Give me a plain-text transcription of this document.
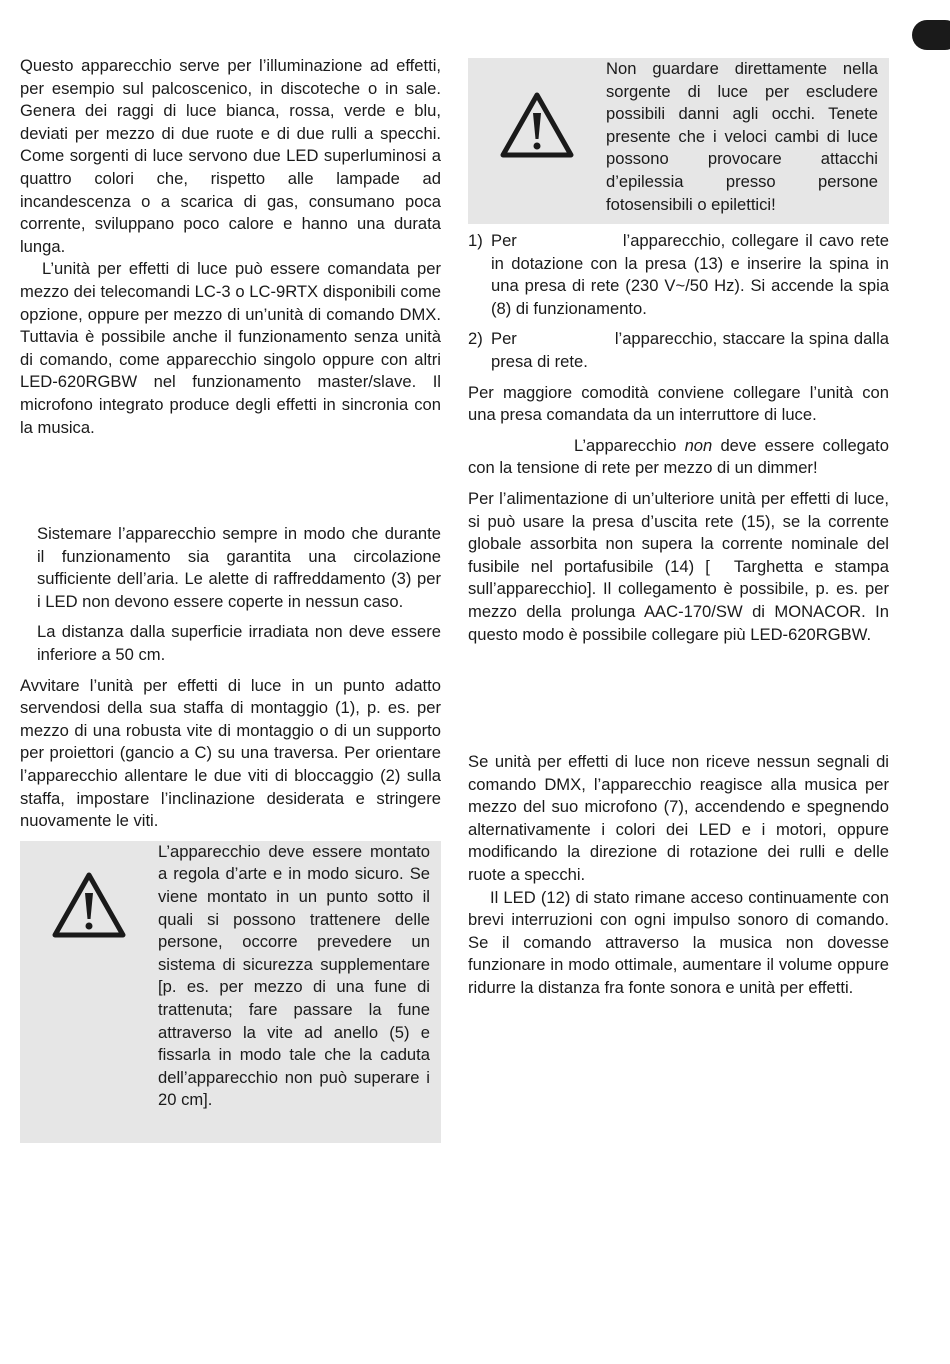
Questo apparecchio serve per l’illuminazione ad effetti, per esempio sul palcoscenico, in discoteche o in sale. Genera dei raggi di luce bianca, rossa, verde e blu, deviati per mezzo di due ruote e di due rulli a specchi. Come sorgenti di luce servono due LED superluminosi a quattro colori che, rispetto alle lampade ad incandescenza o a scarica di gas, consumano poca corrente, sviluppano poco calore e hanno una durata lunga.

L’unità per effetti di luce può essere comandata per mezzo dei telecomandi LC-3 o LC-9RTX disponibili come opzione, oppure per mezzo di un’unità di comando DMX. Tuttavia è possibile anche il funzionamento senza unità di comando, come apparecchio singolo oppure con altri LED-620RGBW nel funzionamento master/slave. Il microfono integrato produce degli effetti in sincronia con la musica.

Sistemare l’apparecchio sempre in modo che durante il funzionamento sia garantita una circolazione sufficiente dell’aria. Le alette di raffreddamento (3) per i LED non devono essere coperte in nessun caso.

La distanza dalla superficie irradiata non deve essere inferiore a 50 cm.

Avvitare l’unità per effetti di luce in un punto adatto servendosi della sua staffa di montaggio (1), p. es. per mezzo di una robusta vite di montaggio o di un supporto per proiettori (gancio a C) su una traversa. Per orientare l’apparecchio allentare le due viti di bloccaggio (2) sulla staffa, impostare l’inclinazione desiderata e stringere nuovamente le viti.

L’apparecchio deve essere montato a regola d’arte e in modo sicuro. Se viene montato in un punto sotto il quali si possono trattenere delle persone, occorre prevedere un sistema di sicurezza supplementare [p. es. per mezzo di una fune di trattenuta; fare passare la fune attraverso la vite ad anello (5) e fissarla in modo tale che la caduta dell’apparecchio non può superare i 20 cm].

Non guardare direttamente nella sorgente di luce per escludere possibili danni agli occhi. Tenete presente che i veloci cambi di luce possono provocare attacchi d’epilessia presso persone fotosensibili o epilettici!

1) Per	l’apparecchio, collegare il cavo rete in dotazione con la presa (13) e inserire la spina in una presa di rete (230 V~/50 Hz). Si accende la spia (8) di funzionamento.
2) Per	l’apparecchio, staccare la spina dalla presa di rete.

Per maggiore comodità conviene collegare l’unità con una presa comandata da un interruttore di luce.

L’apparecchio non deve essere collegato con la tensione di rete per mezzo di un dimmer!

Per l’alimentazione di un’ulteriore unità per effetti di luce, si può usare la presa d’uscita rete (15), se la corrente globale assorbita non supera la corrente nominale del fusibile nel portafusibile (14) [ Targhetta e stampa sull’apparecchio]. Il collegamento è possibile, p. es. per mezzo della prolunga AAC-170/SW di MONACOR. In questo modo è possibile collegare più LED-620RGBW.

Se unità per effetti di luce non riceve nessun segnali di comando DMX, l’apparecchio reagisce alla musica per mezzo del suo microfono (7), accendendo e spegnendo alternativamente i colori dei LED e i motori, oppure modificando la direzione di rotazione dei rulli e delle ruote a specchi.

Il LED (12) di stato rimane acceso continuamente con brevi interruzioni con ogni impulso sonoro di comando. Se il comando attraverso la musica non dovesse funzionare in modo ottimale, aumentare il volume oppure ridurre la distanza fra fonte sonora e unità per effetti.
